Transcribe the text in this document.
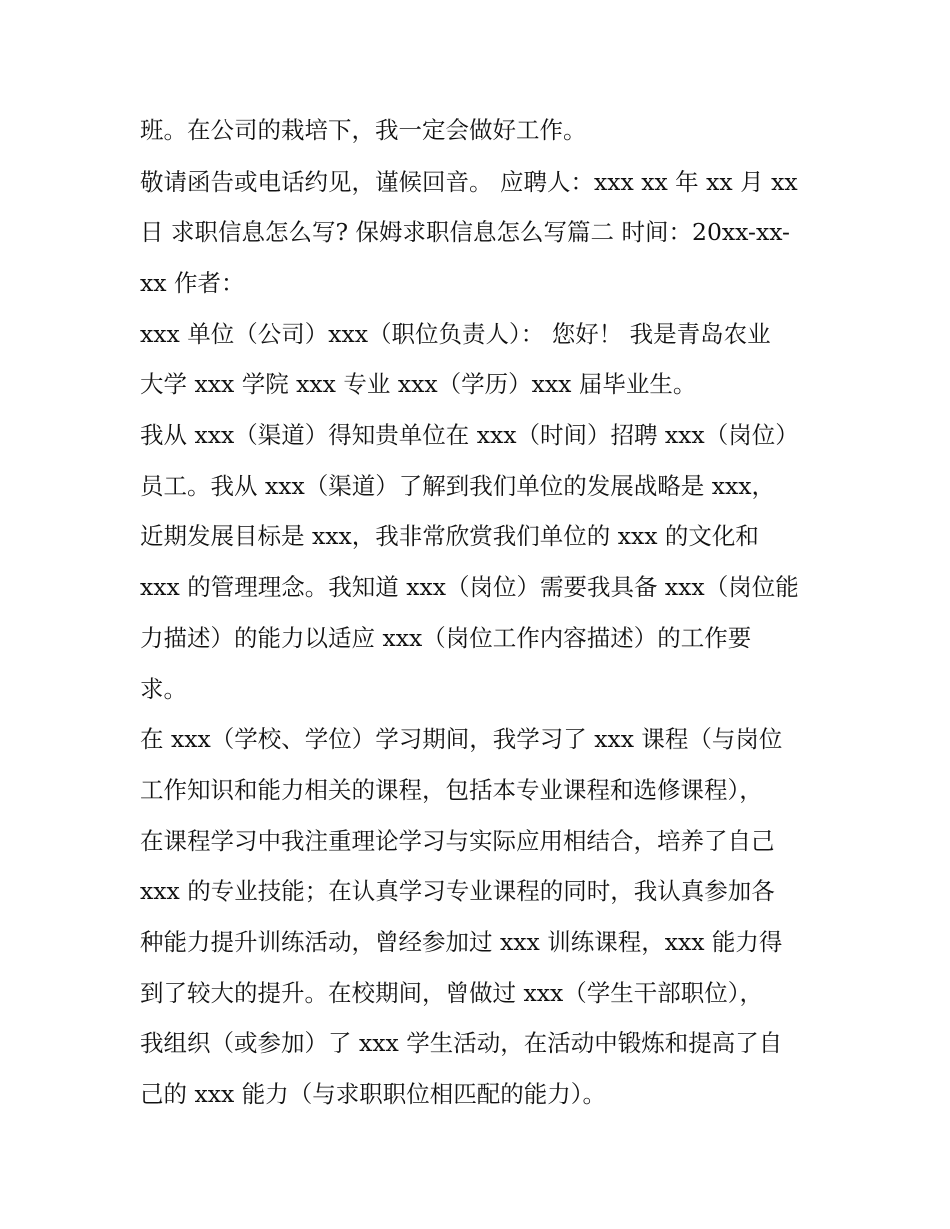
班。在公司的栽培下，我一定会做好工作。

敬请函告或电话约见，谨候回音。 应聘人：xxx xx 年 xx 月 xx

日 求职信息怎么写? 保姆求职信息怎么写篇二 时间：20xx-xx-

xx 作者：

xxx 单位（公司）xxx（职位负责人）： 您好！ 我是青岛农业

大学 xxx 学院 xxx 专业 xxx（学历）xxx 届毕业生。

我从 xxx（渠道）得知贵单位在 xxx（时间）招聘 xxx（岗位）

员工。我从 xxx（渠道）了解到我们单位的发展战略是 xxx，

近期发展目标是 xxx，我非常欣赏我们单位的 xxx 的文化和

xxx 的管理理念。我知道 xxx（岗位）需要我具备 xxx（岗位能

力描述）的能力以适应 xxx（岗位工作内容描述）的工作要

求。

在 xxx（学校、学位）学习期间，我学习了 xxx 课程（与岗位

工作知识和能力相关的课程，包括本专业课程和选修课程），

在课程学习中我注重理论学习与实际应用相结合，培养了自己

xxx 的专业技能；在认真学习专业课程的同时，我认真参加各

种能力提升训练活动，曾经参加过 xxx 训练课程，xxx 能力得

到了较大的提升。在校期间，曾做过 xxx（学生干部职位），

我组织（或参加）了 xxx 学生活动，在活动中锻炼和提高了自

己的 xxx 能力（与求职职位相匹配的能力）。
